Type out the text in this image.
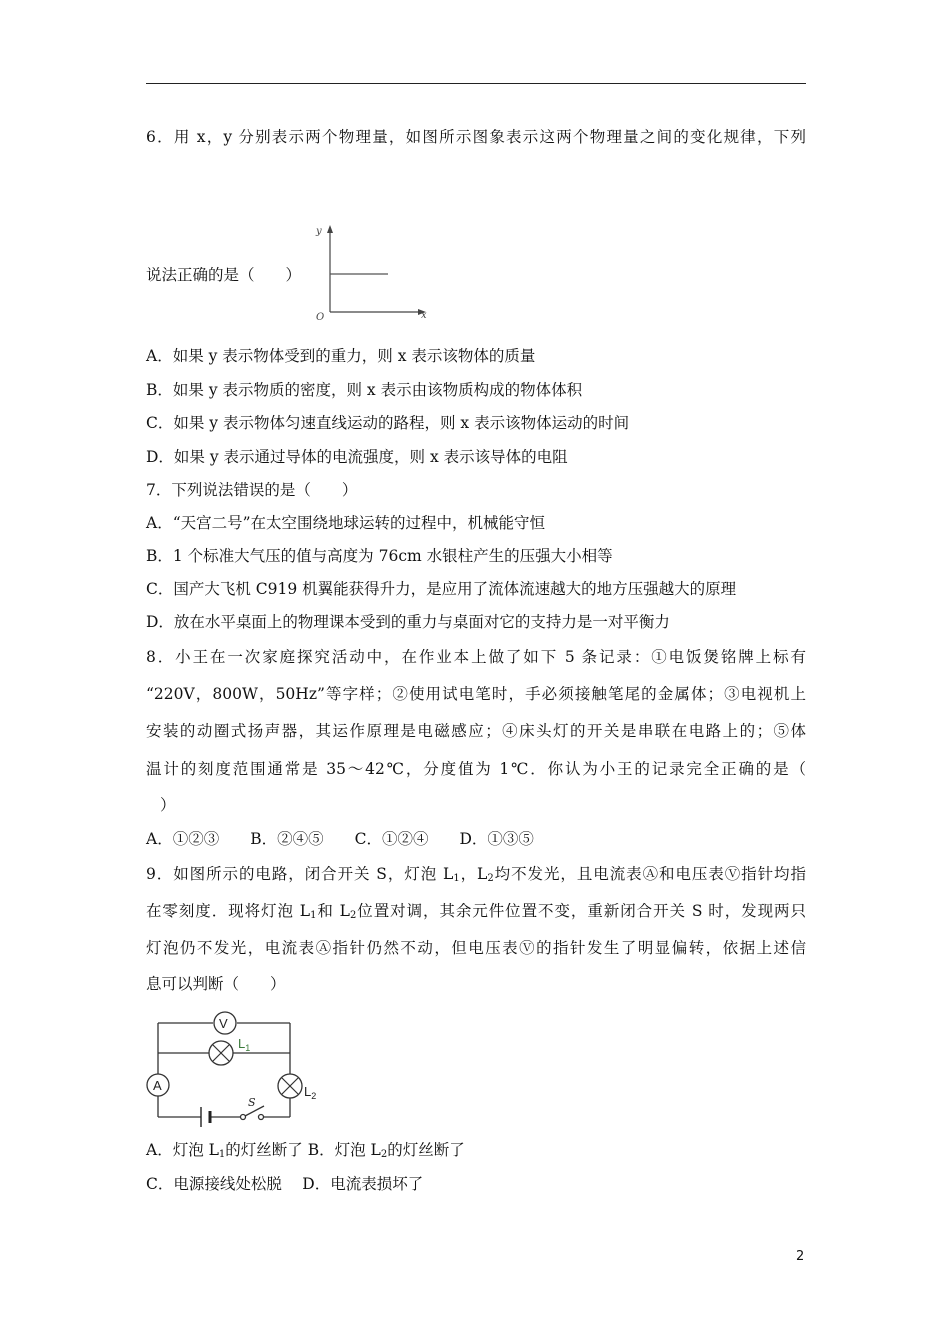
6．用 x，y 分别表示两个物理量，如图所示图象表示这两个物理量之间的变化规律，下列
说法正确的是（　　）
y
x
O
A．如果 y 表示物体受到的重力，则 x 表示该物体的质量
B．如果 y 表示物质的密度，则 x 表示由该物质构成的物体体积
C．如果 y 表示物体匀速直线运动的路程，则 x 表示该物体运动的时间
D．如果 y 表示通过导体的电流强度，则 x 表示该导体的电阻
7．下列说法错误的是（　　）
A．“天宫二号”在太空围绕地球运转的过程中，机械能守恒
B．1 个标准大气压的值与高度为 76cm 水银柱产生的压强大小相等
C．国产大飞机 C919 机翼能获得升力，是应用了流体流速越大的地方压强越大的原理
D．放在水平桌面上的物理课本受到的重力与桌面对它的支持力是一对平衡力
8．小王在一次家庭探究活动中，在作业本上做了如下 5 条记录：①电饭煲铭牌上标有
“220V，800W，50Hz”等字样；②使用试电笔时，手必须接触笔尾的金属体；③电视机上
安装的动圈式扬声器，其运作原理是电磁感应；④床头灯的开关是串联在电路上的；⑤体
温计的刻度范围通常是 35～42℃，分度值为 1℃．你认为小王的记录完全正确的是（
）
A．①②③　　B．②④⑤　　C．①②④　　D．①③⑤
9．如图所示的电路，闭合开关 S，灯泡 $L_1$，$L_2$均不发光，且电流表Ⓐ和电压表Ⓥ指针均指
在零刻度．现将灯泡 $L_1$和 $L_2$位置对调，其余元件位置不变，重新闭合开关 S 时，发现两只
灯泡仍不发光，电流表Ⓐ指针仍然不动，但电压表Ⓥ的指针发生了明显偏转，依据上述信
息可以判断（　　）
V
$L_1$
A	$L_2$
S
A．灯泡 $L_1$的灯丝断了 B．灯泡 $L_2$的灯丝断了
C．电源接线处松脱　 D．电流表损坏了
2
